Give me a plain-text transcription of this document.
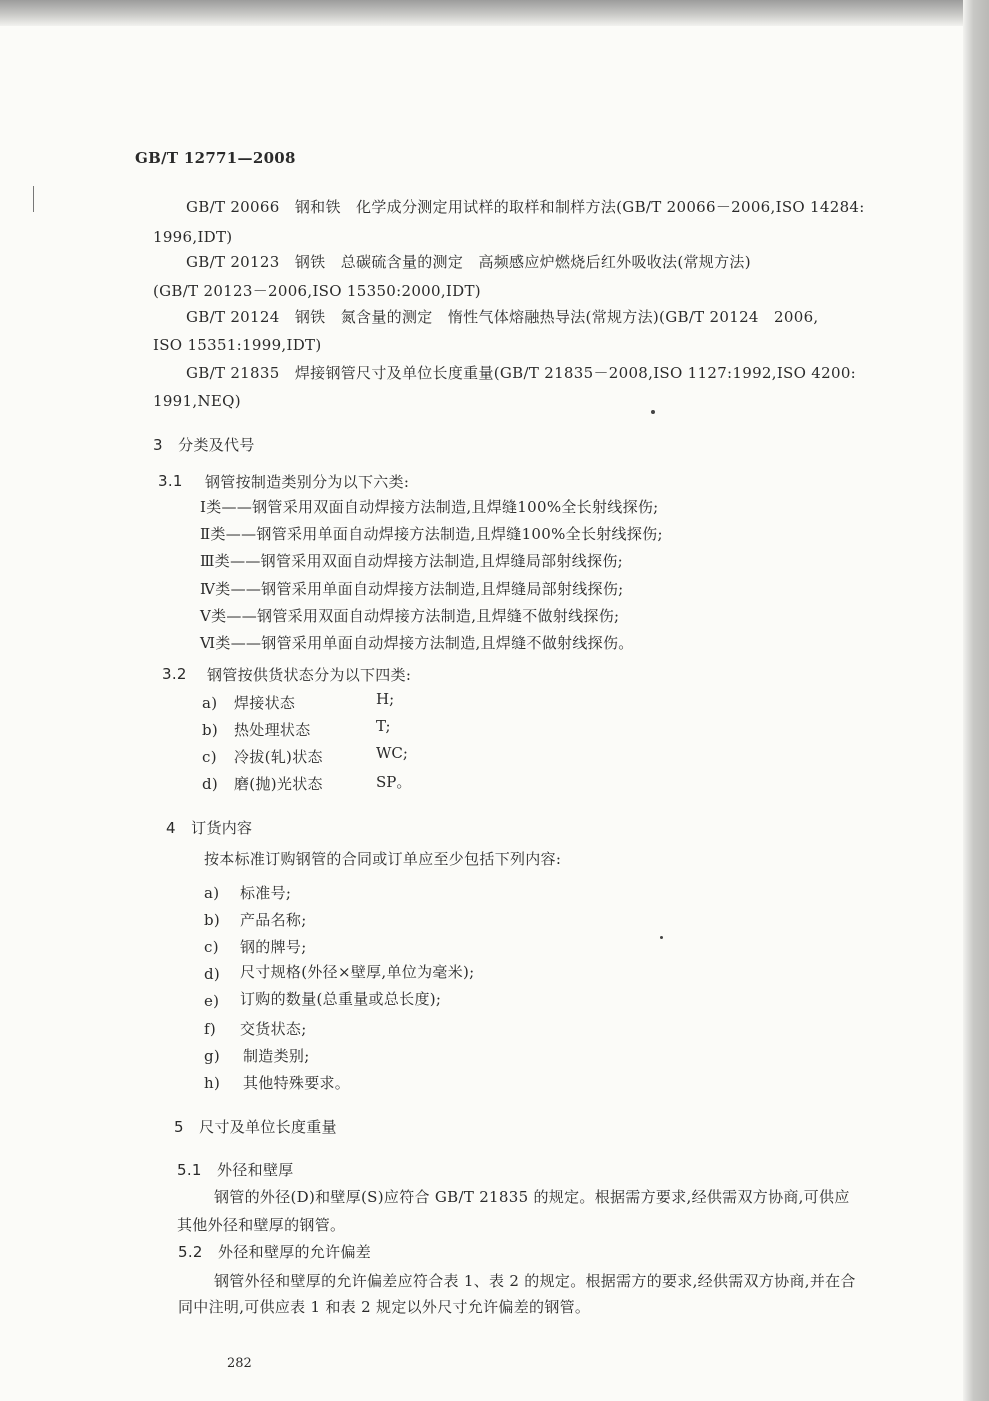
GB/T 12771—2008
GB/T 20066　钢和铁　化学成分测定用试样的取样和制样方法(GB/T 20066－2006,ISO 14284:
1996,IDT)
GB/T 20123　钢铁　总碳硫含量的测定　高频感应炉燃烧后红外吸收法(常规方法)
(GB/T 20123－2006,ISO 15350:2000,IDT)
GB/T 20124　钢铁　氮含量的测定　惰性气体熔融热导法(常规方法)(GB/T 20124　2006,
ISO 15351:1999,IDT)
GB/T 21835　焊接钢管尺寸及单位长度重量(GB/T 21835－2008,ISO 1127:1992,ISO 4200:
1991,NEQ)
3　分类及代号
3.1 钢管按制造类别分为以下六类:
Ⅰ类——钢管采用双面自动焊接方法制造,且焊缝100%全长射线探伤;
Ⅱ类——钢管采用单面自动焊接方法制造,且焊缝100%全长射线探伤;
Ⅲ类——钢管采用双面自动焊接方法制造,且焊缝局部射线探伤;
Ⅳ类——钢管采用单面自动焊接方法制造,且焊缝局部射线探伤;
Ⅴ类——钢管采用双面自动焊接方法制造,且焊缝不做射线探伤;
Ⅵ类——钢管采用单面自动焊接方法制造,且焊缝不做射线探伤。
3.2 钢管按供货状态分为以下四类:
a) 焊接状态	H;
b) 热处理状态	T;
c) 冷拔(轧)状态	WC;
d) 磨(抛)光状态	SP。
4　订货内容
按本标准订购钢管的合同或订单应至少包括下列内容:
a) 标准号;
b) 产品名称;
c) 钢的牌号;
d) 尺寸规格(外径×壁厚,单位为毫米);
e) 订购的数量(总重量或总长度);
f) 交货状态;
g) 制造类别;
h) 其他特殊要求。
5　尺寸及单位长度重量
5.1　外径和壁厚
钢管的外径(D)和壁厚(S)应符合 GB/T 21835 的规定。根据需方要求,经供需双方协商,可供应
其他外径和壁厚的钢管。
5.2　外径和壁厚的允许偏差
钢管外径和壁厚的允许偏差应符合表 1、表 2 的规定。根据需方的要求,经供需双方协商,并在合
同中注明,可供应表 1 和表 2 规定以外尺寸允许偏差的钢管。
282
